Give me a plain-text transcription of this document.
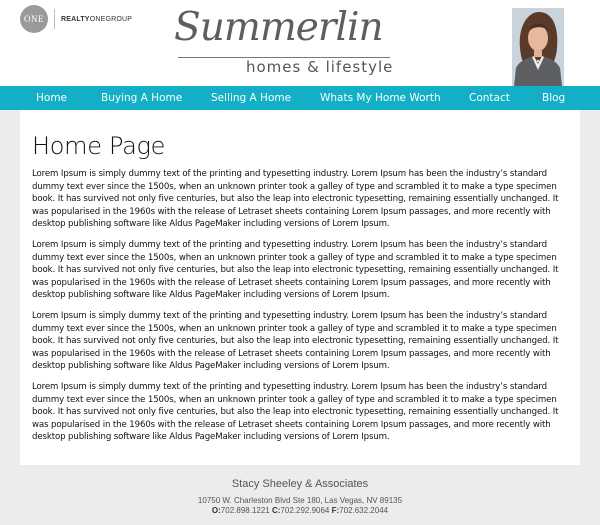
ONE REALTYONEGROUP Summerlin
homes & lifestyle
Home	Buying A Home	Selling A Home	Whats My Home Worth	Contact	Blog
Home Page

Lorem Ipsum is simply dummy text of the printing and typesetting industry. Lorem Ipsum has been the industry’s standard dummy text ever since the 1500s, when an unknown printer took a galley of type and scrambled it to make a type specimen book. It has survived not only five centuries, but also the leap into electronic typesetting, remaining essentially unchanged. It was popularised in the 1960s with the release of Letraset sheets containing Lorem Ipsum passages, and more recently with desktop publishing software like Aldus PageMaker including versions of Lorem Ipsum.

Lorem Ipsum is simply dummy text of the printing and typesetting industry. Lorem Ipsum has been the industry’s standard dummy text ever since the 1500s, when an unknown printer took a galley of type and scrambled it to make a type specimen book. It has survived not only five centuries, but also the leap into electronic typesetting, remaining essentially unchanged. It was popularised in the 1960s with the release of Letraset sheets containing Lorem Ipsum passages, and more recently with desktop publishing software like Aldus PageMaker including versions of Lorem Ipsum.

Lorem Ipsum is simply dummy text of the printing and typesetting industry. Lorem Ipsum has been the industry’s standard dummy text ever since the 1500s, when an unknown printer took a galley of type and scrambled it to make a type specimen book. It has survived not only five centuries, but also the leap into electronic typesetting, remaining essentially unchanged. It was popularised in the 1960s with the release of Letraset sheets containing Lorem Ipsum passages, and more recently with desktop publishing software like Aldus PageMaker including versions of Lorem Ipsum.

Lorem Ipsum is simply dummy text of the printing and typesetting industry. Lorem Ipsum has been the industry’s standard dummy text ever since the 1500s, when an unknown printer took a galley of type and scrambled it to make a type specimen book. It has survived not only five centuries, but also the leap into electronic typesetting, remaining essentially unchanged. It was popularised in the 1960s with the release of Letraset sheets containing Lorem Ipsum passages, and more recently with desktop publishing software like Aldus PageMaker including versions of Lorem Ipsum.

Stacy Sheeley & Associates
10750 W. Charleston Blvd Ste 180, Las Vegas, NV 89135
O:702.898.1221 C:702.292.9064 F:702.632.2044
